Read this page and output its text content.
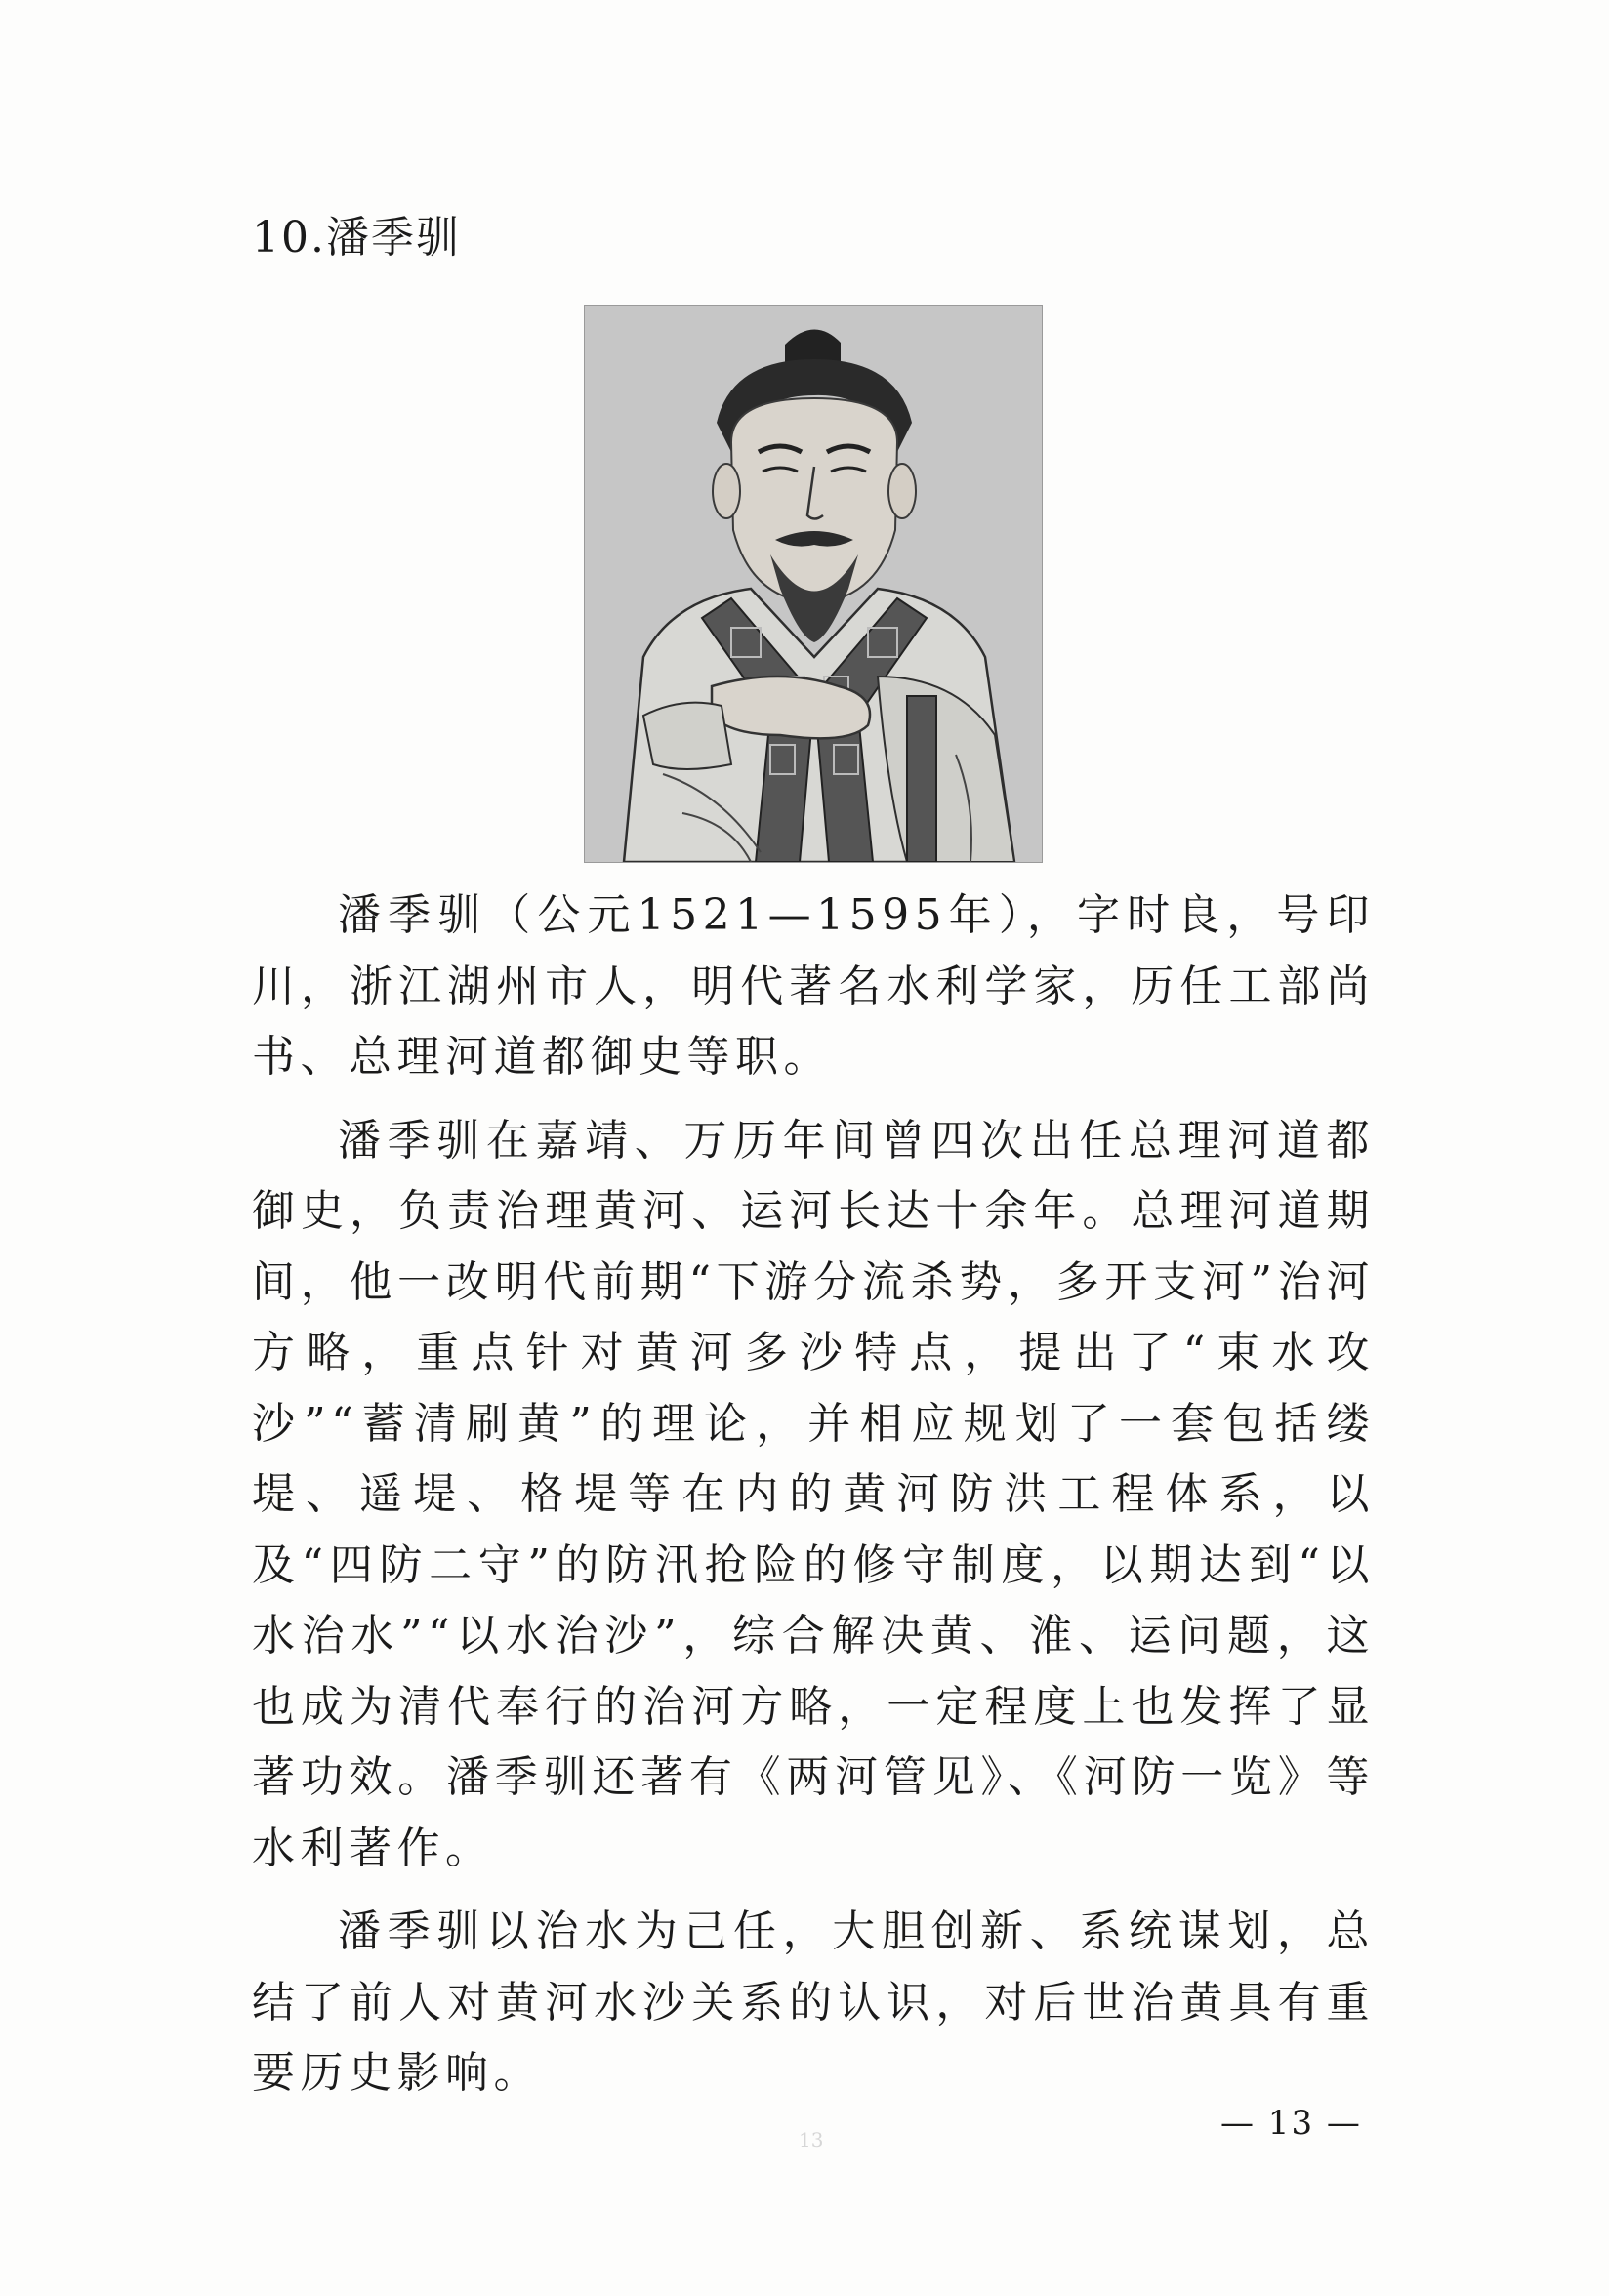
10.潘季驯

潘季驯（公元1521—1595年），字时良，号印川，浙江湖州市人，明代著名水利学家，历任工部尚书、总理河道都御史等职。

潘季驯在嘉靖、万历年间曾四次出任总理河道都御史，负责治理黄河、运河长达十余年。总理河道期间，他一改明代前期“下游分流杀势，多开支河”治河方略，重点针对黄河多沙特点，提出了“束水攻沙”“蓄清刷黄”的理论，并相应规划了一套包括缕堤、遥堤、格堤等在内的黄河防洪工程体系，以及“四防二守”的防汛抢险的修守制度，以期达到“以水治水”“以水治沙”，综合解决黄、淮、运问题，这也成为清代奉行的治河方略，一定程度上也发挥了显著功效。潘季驯还著有《两河管见》、《河防一览》等水利著作。

潘季驯以治水为己任，大胆创新、系统谋划，总结了前人对黄河水沙关系的认识，对后世治黄具有重要历史影响。

13	— 13 —
